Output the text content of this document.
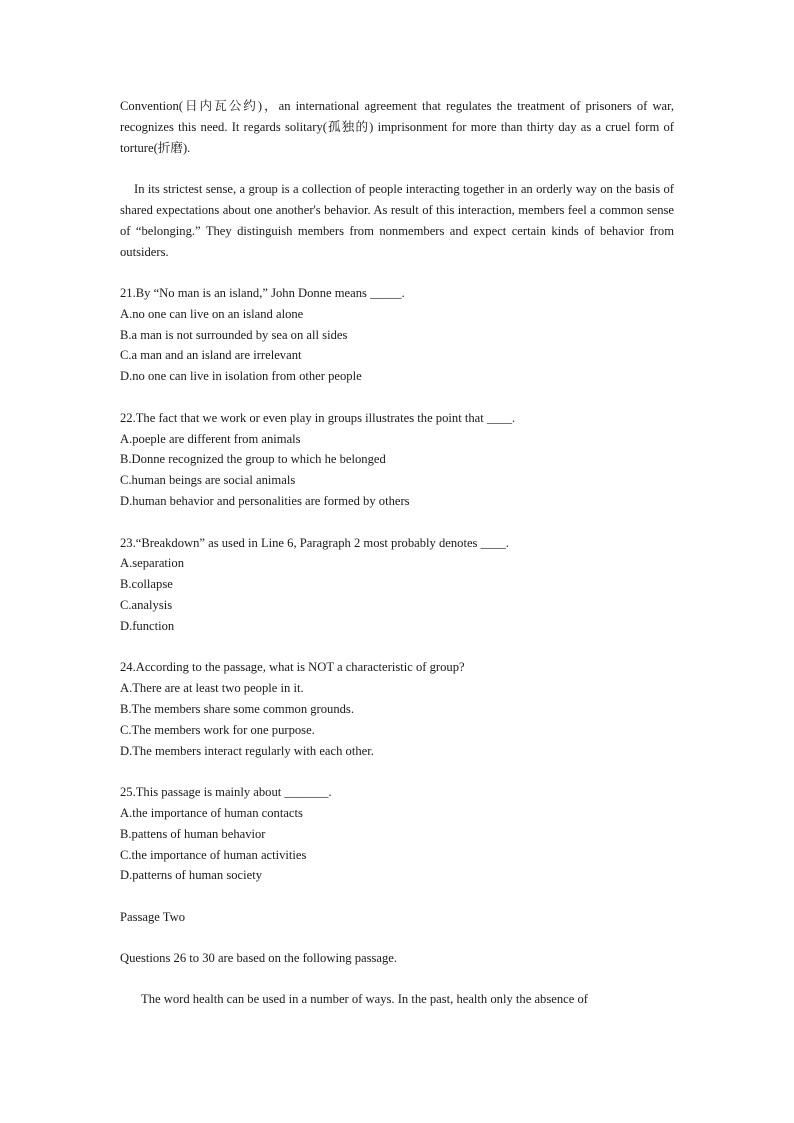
Convention(日内瓦公约)，an international agreement that regulates the treatment of prisoners of war, recognizes this need. It regards solitary(孤独的) imprisonment for more than thirty day as a cruel form of torture(折磨).

In its strictest sense, a group is a collection of people interacting together in an orderly way on the basis of shared expectations about one another's behavior. As result of this interaction, members feel a common sense of “belonging.” They distinguish members from nonmembers and expect certain kinds of behavior from outsiders.

21.By “No man is an island,” John Donne means _____.

A.no one can live on an island alone

B.a man is not surrounded by sea on all sides

C.a man and an island are irrelevant

D.no one can live in isolation from other people

22.The fact that we work or even play in groups illustrates the point that ____.

A.poeple are different from animals

B.Donne recognized the group to which he belonged

C.human beings are social animals

D.human behavior and personalities are formed by others

23.“Breakdown” as used in Line 6, Paragraph 2 most probably denotes ____.

A.separation

B.collapse

C.analysis

D.function

24.According to the passage, what is NOT a characteristic of group?

A.There are at least two people in it.

B.The members share some common grounds.

C.The members work for one purpose.

D.The members interact regularly with each other.

25.This passage is mainly about _______.

A.the importance of human contacts

B.pattens of human behavior

C.the importance of human activities

D.patterns of human society

Passage Two

Questions 26 to 30 are based on the following passage.

The word health can be used in a number of ways. In the past, health only the absence of
